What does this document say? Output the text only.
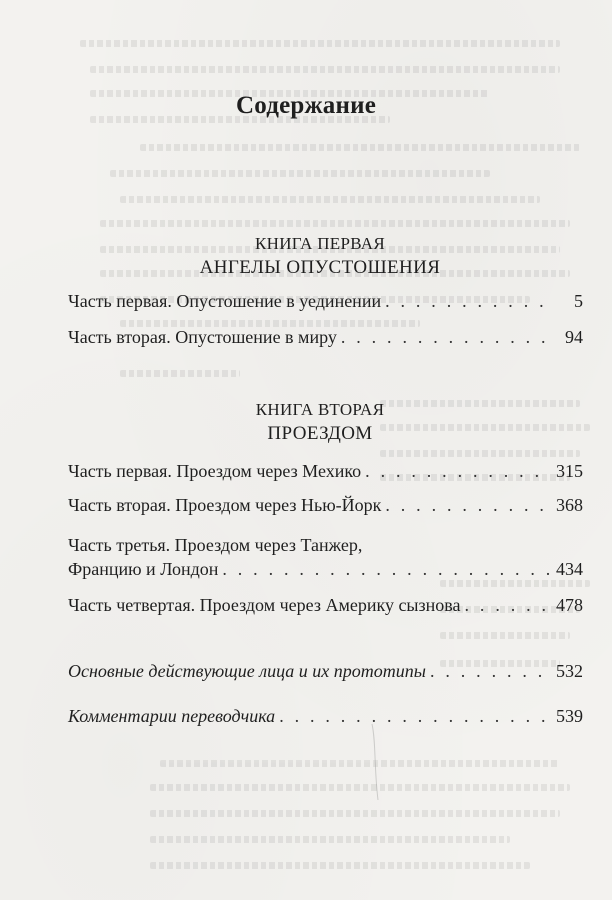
Содержание
КНИГА ПЕРВАЯ
АНГЕЛЫ ОПУСТОШЕНИЯ
Часть первая. Опустошение в уединении . . .	5
Часть вторая. Опустошение в миру . . .	94
КНИГА ВТОРАЯ
ПРОЕЗДОМ
Часть первая. Проездом через Мехико . . .	315
Часть вторая. Проездом через Нью-Йорк . . .	368
Часть третья. Проездом через Танжер,
Францию и Лондон . . .	434
Часть четвертая. Проездом через Америку сызнова . . .	478
Основные действующие лица и их прототипы . . .	532
Комментарии переводчика . . .	539
